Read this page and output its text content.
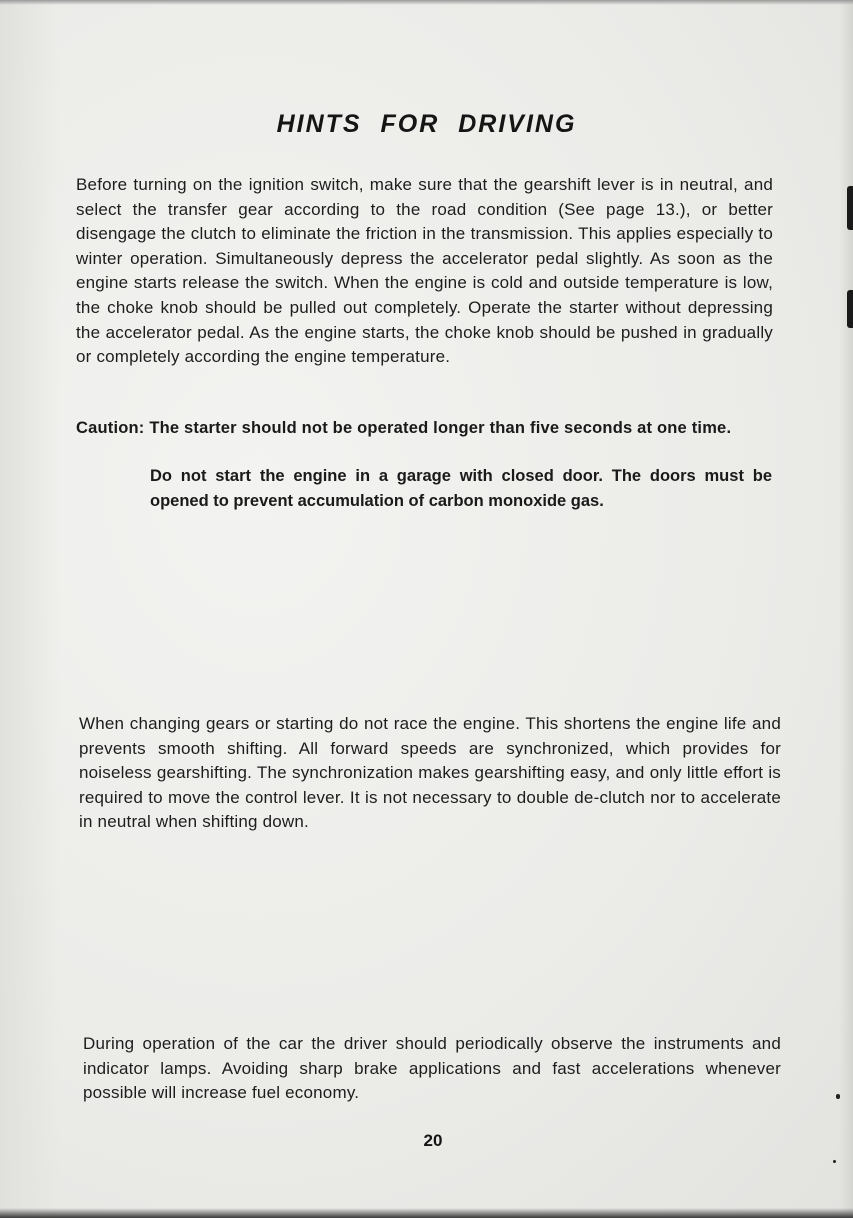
HINTS FOR DRIVING
Before turning on the ignition switch, make sure that the gearshift lever is in neutral, and select the transfer gear according to the road condition (See page 13.), or better disengage the clutch to eliminate the friction in the transmission. This applies especially to winter operation. Simultaneously depress the accelerator pedal slightly. As soon as the engine starts release the switch. When the engine is cold and outside temperature is low, the choke knob should be pulled out completely. Operate the starter without depressing the accelerator pedal. As the engine starts, the choke knob should be pushed in gradually or completely according the engine temperature.
Caution: The starter should not be operated longer than five seconds at one time.
Do not start the engine in a garage with closed door. The doors must be opened to prevent accumulation of carbon monoxide gas.
When changing gears or starting do not race the engine. This shortens the engine life and prevents smooth shifting. All forward speeds are synchronized, which provides for noiseless gearshifting. The synchronization makes gearshifting easy, and only little effort is required to move the control lever. It is not necessary to double de-clutch nor to accelerate in neutral when shifting down.
During operation of the car the driver should periodically observe the instruments and indicator lamps. Avoiding sharp brake applications and fast accelerations whenever possible will increase fuel economy.
20
